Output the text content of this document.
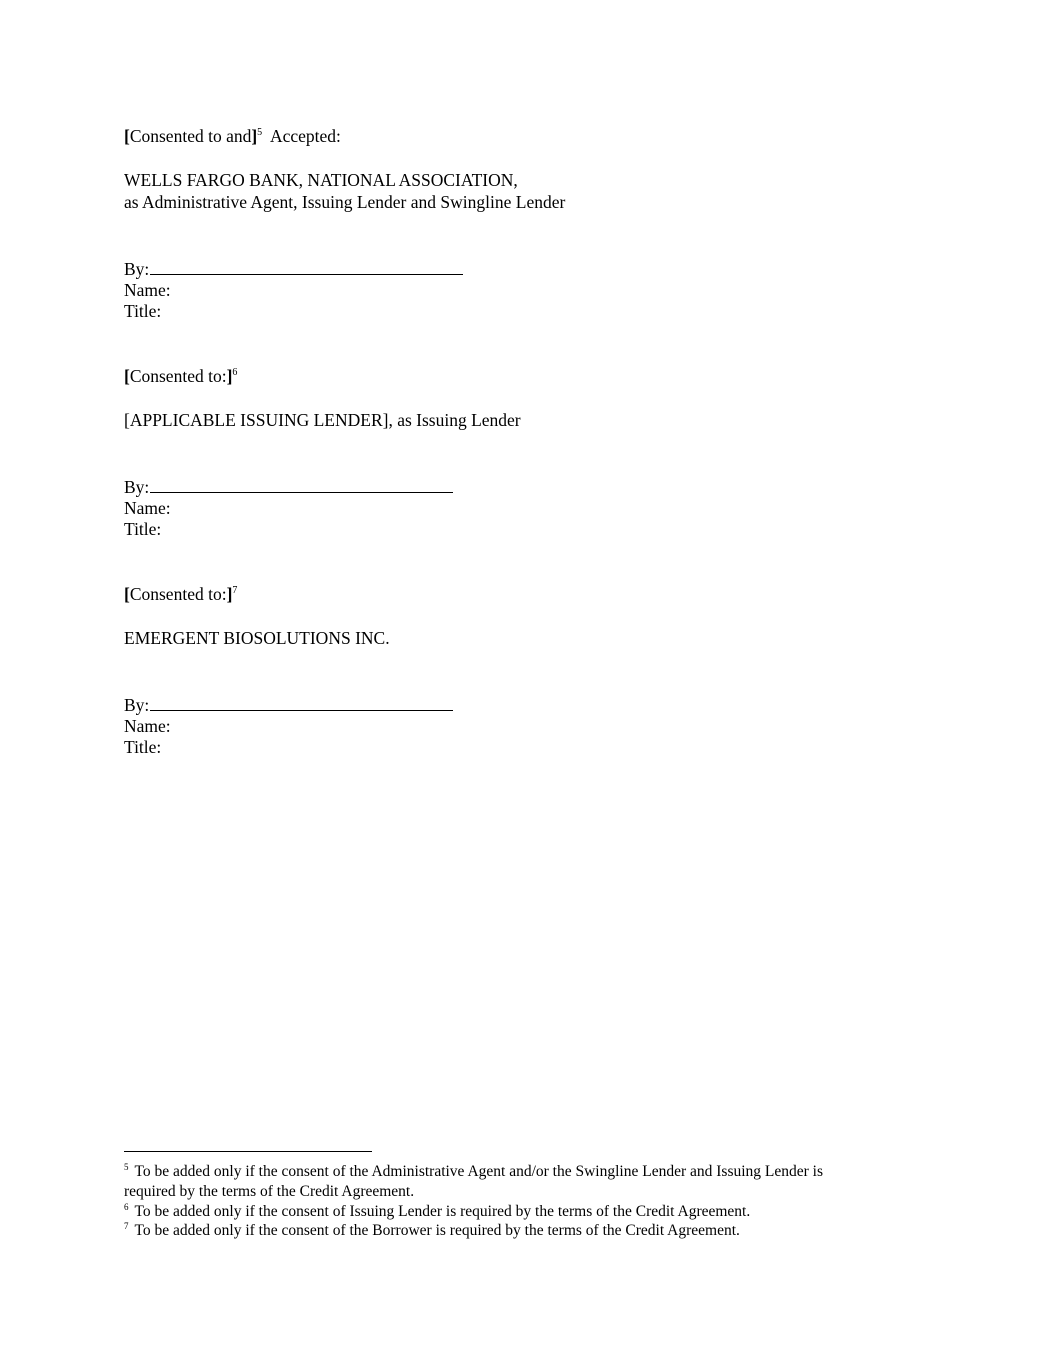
[Consented to and]$^5$ Accepted:
WELLS FARGO BANK, NATIONAL ASSOCIATION,
as Administrative Agent, Issuing Lender and Swingline Lender
By:
Name:
Title:
[Consented to:]$^6$
[APPLICABLE ISSUING LENDER], as Issuing Lender
By:
Name:
Title:
[Consented to:]$^7$
EMERGENT BIOSOLUTIONS INC.
By:
Name:
Title:
$^5$ To be added only if the consent of the Administrative Agent and/or the Swingline Lender and Issuing Lender is
required by the terms of the Credit Agreement.
$^6$ To be added only if the consent of Issuing Lender is required by the terms of the Credit Agreement.
$^7$ To be added only if the consent of the Borrower is required by the terms of the Credit Agreement.
